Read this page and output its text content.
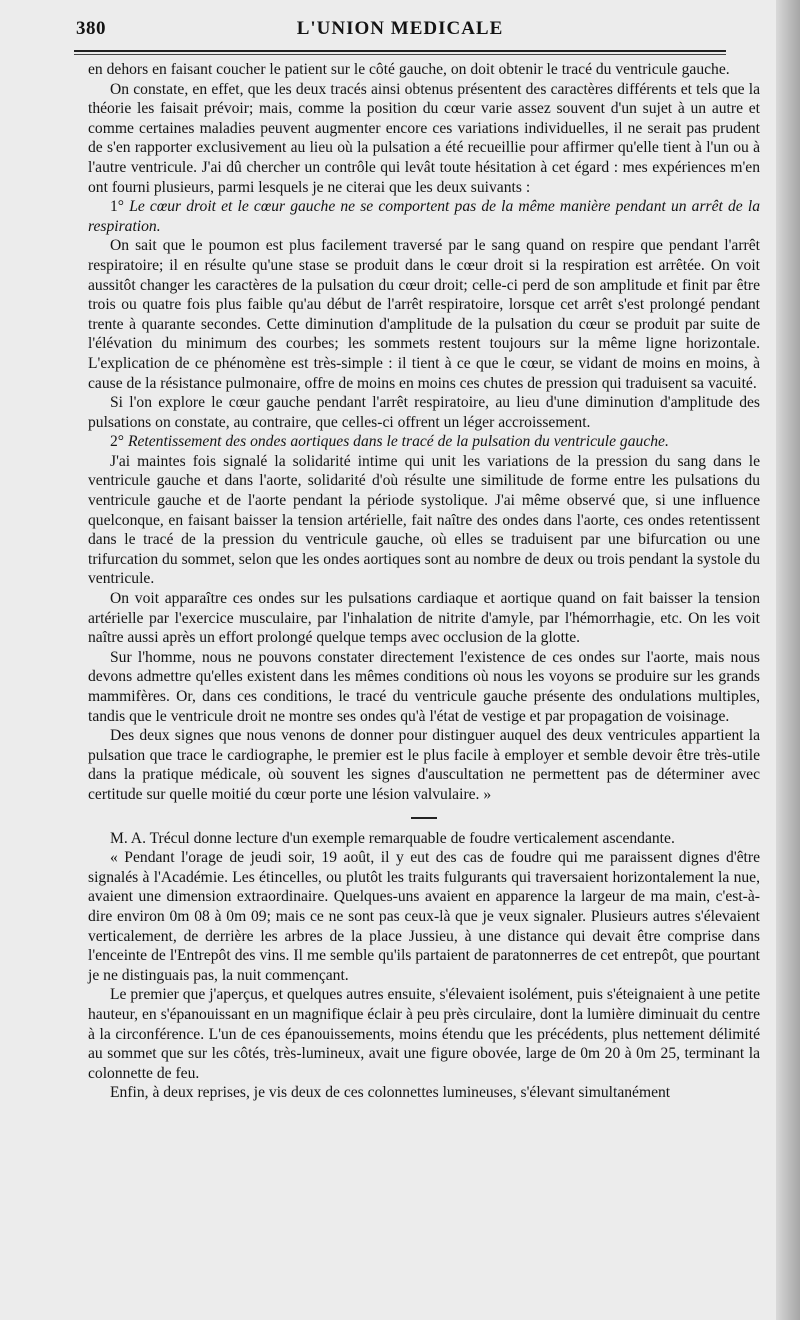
380	L'UNION MEDICALE

en dehors en faisant coucher le patient sur le côté gauche, on doit obtenir le tracé du ventricule gauche.

On constate, en effet, que les deux tracés ainsi obtenus présentent des caractères différents et tels que la théorie les faisait prévoir; mais, comme la position du cœur varie assez souvent d'un sujet à un autre et comme certaines maladies peuvent augmenter encore ces variations individuelles, il ne serait pas prudent de s'en rapporter exclusivement au lieu où la pulsation a été recueillie pour affirmer qu'elle tient à l'un ou à l'autre ventricule. J'ai dû chercher un contrôle qui levât toute hésitation à cet égard : mes expériences m'en ont fourni plusieurs, parmi lesquels je ne citerai que les deux suivants :

1° Le cœur droit et le cœur gauche ne se comportent pas de la même manière pendant un arrêt de la respiration.

On sait que le poumon est plus facilement traversé par le sang quand on respire que pendant l'arrêt respiratoire; il en résulte qu'une stase se produit dans le cœur droit si la respiration est arrêtée. On voit aussitôt changer les caractères de la pulsation du cœur droit; celle-ci perd de son amplitude et finit par être trois ou quatre fois plus faible qu'au début de l'arrêt respiratoire, lorsque cet arrêt s'est prolongé pendant trente à quarante secondes. Cette diminution d'amplitude de la pulsation du cœur se produit par suite de l'élévation du minimum des courbes; les sommets restent toujours sur la même ligne horizontale. L'explication de ce phénomène est très-simple : il tient à ce que le cœur, se vidant de moins en moins, à cause de la résistance pulmonaire, offre de moins en moins ces chutes de pression qui traduisent sa vacuité.

Si l'on explore le cœur gauche pendant l'arrêt respiratoire, au lieu d'une diminution d'amplitude des pulsations on constate, au contraire, que celles-ci offrent un léger accroissement.

2° Retentissement des ondes aortiques dans le tracé de la pulsation du ventricule gauche.

J'ai maintes fois signalé la solidarité intime qui unit les variations de la pression du sang dans le ventricule gauche et dans l'aorte, solidarité d'où résulte une similitude de forme entre les pulsations du ventricule gauche et de l'aorte pendant la période systolique. J'ai même observé que, si une influence quelconque, en faisant baisser la tension artérielle, fait naître des ondes dans l'aorte, ces ondes retentissent dans le tracé de la pression du ventricule gauche, où elles se traduisent par une bifurcation ou une trifurcation du sommet, selon que les ondes aortiques sont au nombre de deux ou trois pendant la systole du ventricule.

On voit apparaître ces ondes sur les pulsations cardiaque et aortique quand on fait baisser la tension artérielle par l'exercice musculaire, par l'inhalation de nitrite d'amyle, par l'hémorrhagie, etc. On les voit naître aussi après un effort prolongé quelque temps avec occlusion de la glotte.

Sur l'homme, nous ne pouvons constater directement l'existence de ces ondes sur l'aorte, mais nous devons admettre qu'elles existent dans les mêmes conditions où nous les voyons se produire sur les grands mammifères. Or, dans ces conditions, le tracé du ventricule gauche présente des ondulations multiples, tandis que le ventricule droit ne montre ses ondes qu'à l'état de vestige et par propagation de voisinage.

Des deux signes que nous venons de donner pour distinguer auquel des deux ventricules appartient la pulsation que trace le cardiographe, le premier est le plus facile à employer et semble devoir être très-utile dans la pratique médicale, où souvent les signes d'auscultation ne permettent pas de déterminer avec certitude sur quelle moitié du cœur porte une lésion valvulaire. »

M. A. Trécul donne lecture d'un exemple remarquable de foudre verticalement ascendante.

« Pendant l'orage de jeudi soir, 19 août, il y eut des cas de foudre qui me paraissent dignes d'être signalés à l'Académie. Les étincelles, ou plutôt les traits fulgurants qui traversaient horizontalement la nue, avaient une dimension extraordinaire. Quelques-uns avaient en apparence la largeur de ma main, c'est-à-dire environ 0m 08 à 0m 09; mais ce ne sont pas ceux-là que je veux signaler. Plusieurs autres s'élevaient verticalement, de derrière les arbres de la place Jussieu, à une distance qui devait être comprise dans l'enceinte de l'Entrepôt des vins. Il me semble qu'ils partaient de paratonnerres de cet entrepôt, que pourtant je ne distinguais pas, la nuit commençant.

Le premier que j'aperçus, et quelques autres ensuite, s'élevaient isolément, puis s'éteignaient à une petite hauteur, en s'épanouissant en un magnifique éclair à peu près circulaire, dont la lumière diminuait du centre à la circonférence. L'un de ces épanouissements, moins étendu que les précédents, plus nettement délimité au sommet que sur les côtés, très-lumineux, avait une figure obovée, large de 0m 20 à 0m 25, terminant la colonnette de feu.

Enfin, à deux reprises, je vis deux de ces colonnettes lumineuses, s'élevant simultanément
